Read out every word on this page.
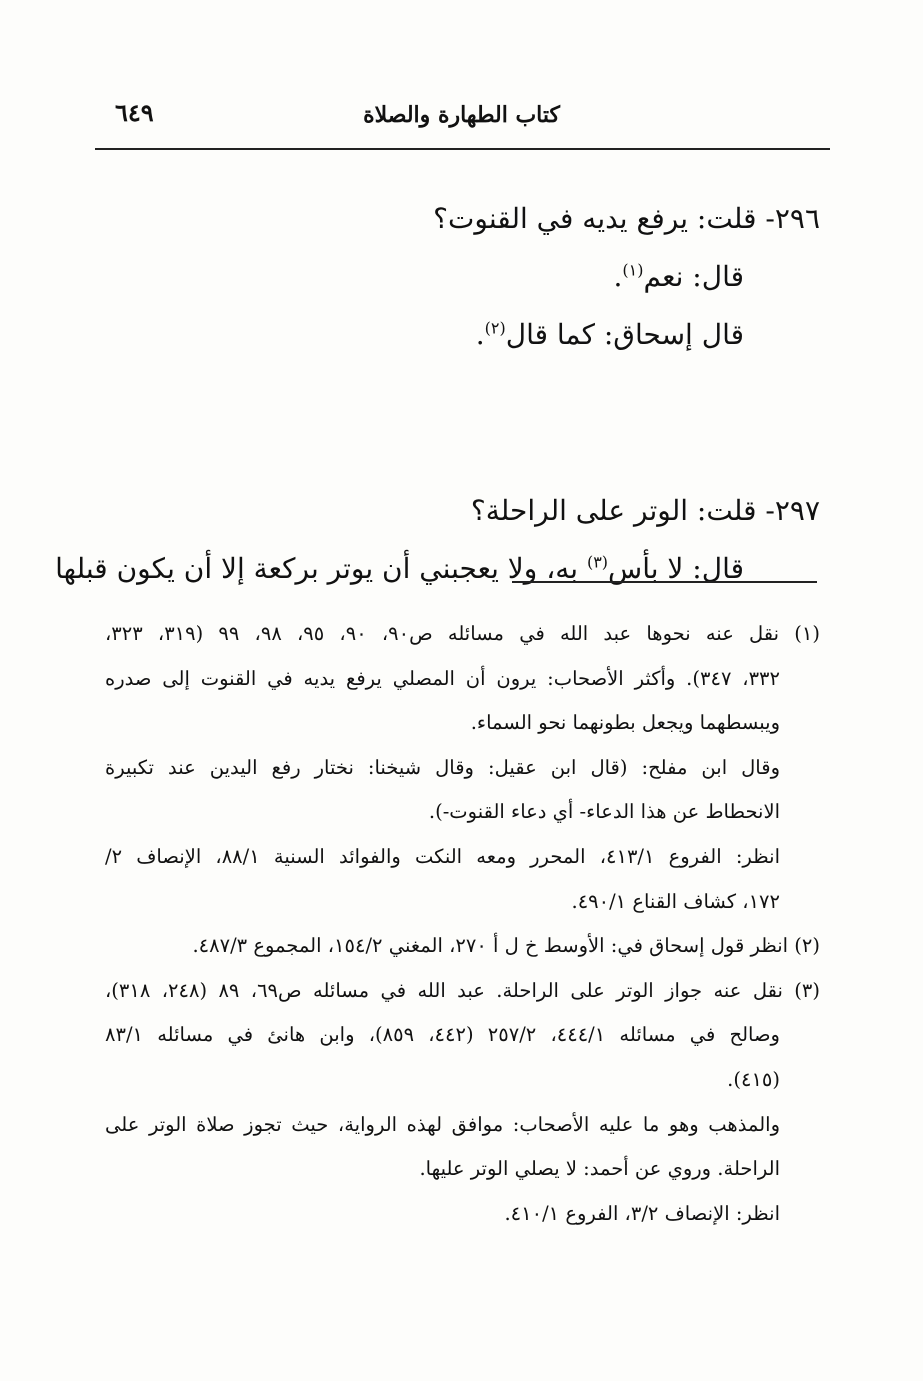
كتاب الطهارة والصلاة
٦٤٩
٢٩٦- قلت: يرفع يديه في القنوت؟
قال: نعم$^{(١)}$.
قال إسحاق: كما قال$^{(٢)}$.
٢٩٧- قلت: الوتر على الراحلة؟
قال: لا بأس$^{(٣)}$ به، ولا يعجبني أن يوتر بركعة إلا أن يكون قبلها
(١) نقل عنه نحوها عبد الله في مسائله ص٩٠، ٩٠، ٩٥، ٩٨، ٩٩ (٣١٩، ٣٢٣،
٣٣٢، ٣٤٧). وأكثر الأصحاب: يرون أن المصلي يرفع يديه في القنوت إلى صدره
ويبسطهما ويجعل بطونهما نحو السماء.
وقال ابن مفلح: (قال ابن عقيل: وقال شيخنا: نختار رفع اليدين عند تكبيرة
الانحطاط عن هذا الدعاء- أي دعاء القنوت-).
انظر: الفروع ٤١٣/١، المحرر ومعه النكت والفوائد السنية ٨٨/١، الإنصاف ٢/
١٧٢، كشاف القناع ٤٩٠/١.
(٢) انظر قول إسحاق في: الأوسط خ ل أ ٢٧٠، المغني ١٥٤/٢، المجموع ٤٨٧/٣.
(٣) نقل عنه جواز الوتر على الراحلة. عبد الله في مسائله ص٦٩، ٨٩ (٢٤٨، ٣١٨)،
وصالح في مسائله ٤٤٤/١، ٢٥٧/٢ (٤٤٢، ٨٥٩)، وابن هانئ في مسائله ٨٣/١
(٤١٥).
والمذهب وهو ما عليه الأصحاب: موافق لهذه الرواية، حيث تجوز صلاة الوتر على
الراحلة. وروي عن أحمد: لا يصلي الوتر عليها.
انظر: الإنصاف ٣/٢، الفروع ٤١٠/١.
